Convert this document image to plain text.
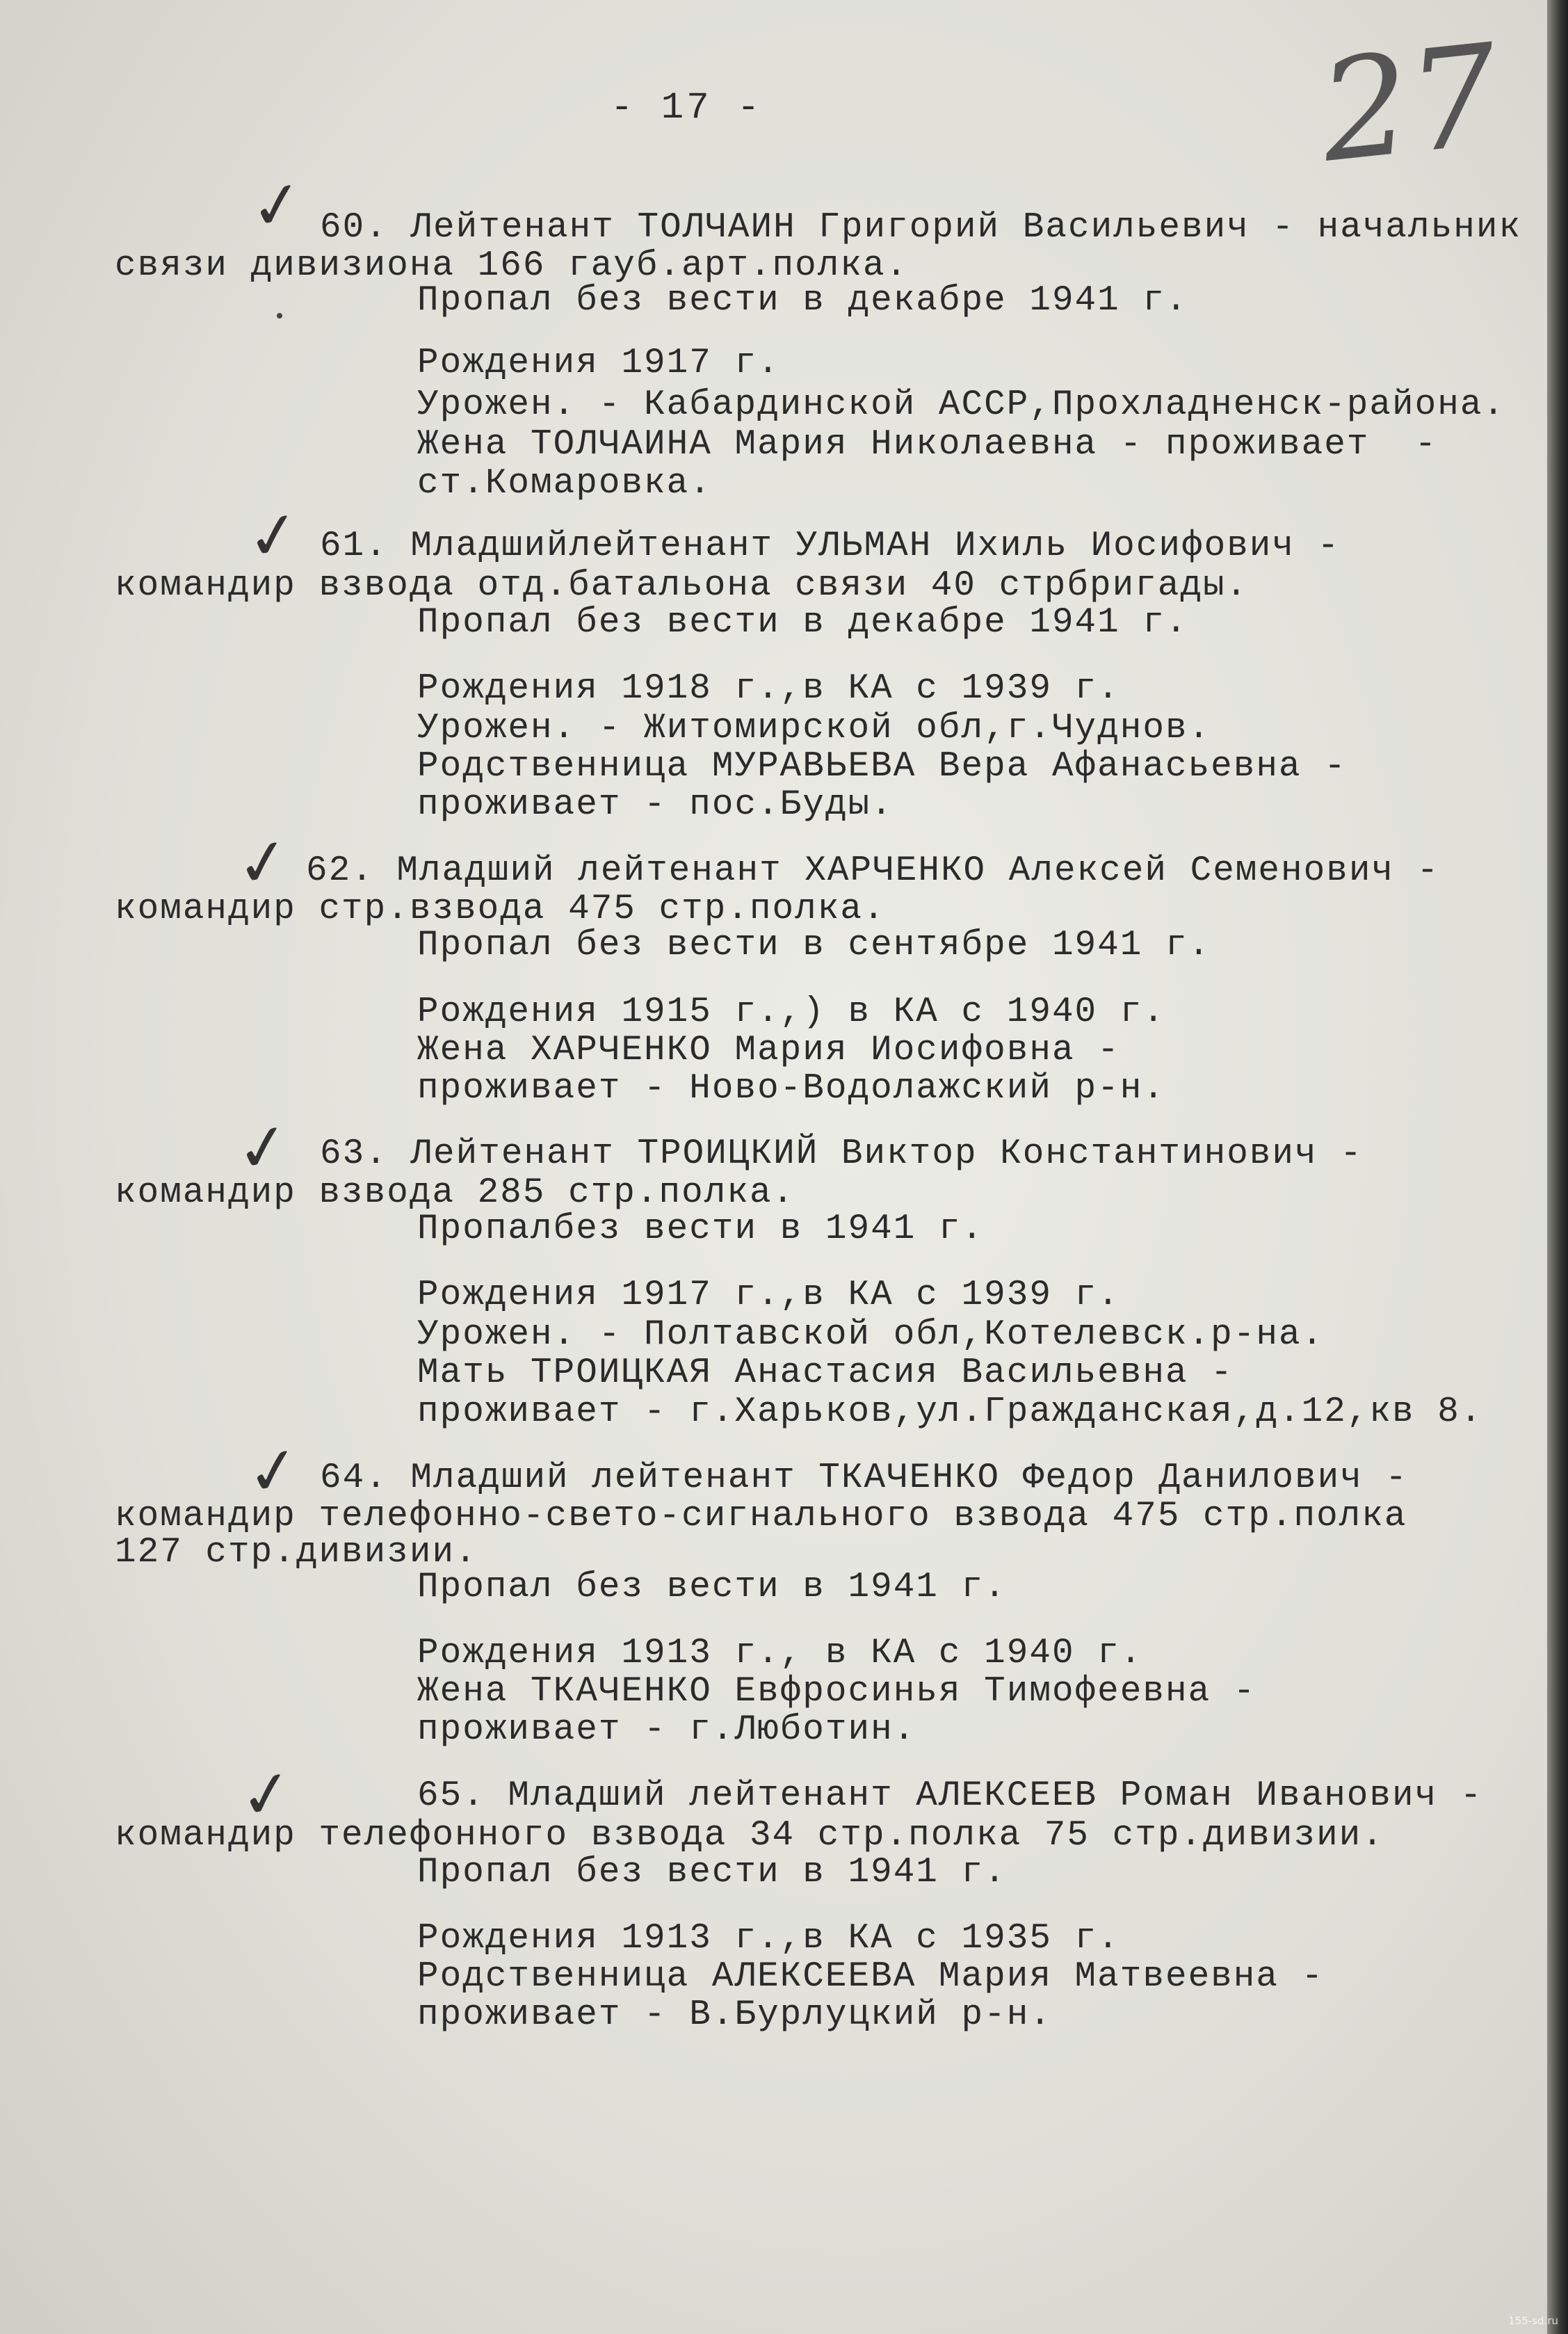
- 17 -	27
✓ 60. Лейтенант ТОЛЧАИН Григорий Васильевич - начальник
связи дивизиона 166 гауб.арт.полка.
Пропал без вести в декабре 1941 г.
Рождения 1917 г.
Урожен. - Кабардинской АССР,Прохладненск-района.
Жена ТОЛЧАИНА Мария Николаевна - проживает  -
ст.Комаровка.
✓ 61. Младшийлейтенант УЛЬМАН Ихиль Иосифович -
командир взвода отд.батальона связи 40 стрбригады.
Пропал без вести в декабре 1941 г.
Рождения 1918 г.,в КА с 1939 г.
Урожен. - Житомирской обл,г.Чуднов.
Родственница МУРАВЬЕВА Вера Афанасьевна -
проживает - пос.Буды.
✓ 62. Младший лейтенант ХАРЧЕНКО Алексей Семенович -
командир стр.взвода 475 стр.полка.
Пропал без вести в сентябре 1941 г.
Рождения 1915 г.,) в КА с 1940 г.
Жена ХАРЧЕНКО Мария Иосифовна -
проживает - Ново-Водолажский р-н.
✓ 63. Лейтенант ТРОИЦКИЙ Виктор Константинович -
командир взвода 285 стр.полка.
Пропалбез вести в 1941 г.
Рождения 1917 г.,в КА с 1939 г.
Урожен. - Полтавской обл,Котелевск.р-на.
Мать ТРОИЦКАЯ Анастасия Васильевна -
проживает - г.Харьков,ул.Гражданская,д.12,кв 8.
✓ 64. Младший лейтенант ТКАЧЕНКО Федор Данилович -
командир телефонно-свето-сигнального взвода 475 стр.полка
127 стр.дивизии.
Пропал без вести в 1941 г.
Рождения 1913 г., в КА с 1940 г.
Жена ТКАЧЕНКО Евфросинья Тимофеевна -
проживает - г.Люботин.
✓	65. Младший лейтенант АЛЕКСЕЕВ Роман Иванович -
командир телефонного взвода 34 стр.полка 75 стр.дивизии.
Пропал без вести в 1941 г.
Рождения 1913 г.,в КА с 1935 г.
Родственница АЛЕКСЕЕВА Мария Матвеевна -
проживает - В.Бурлуцкий р-н.
155-sd.ru
